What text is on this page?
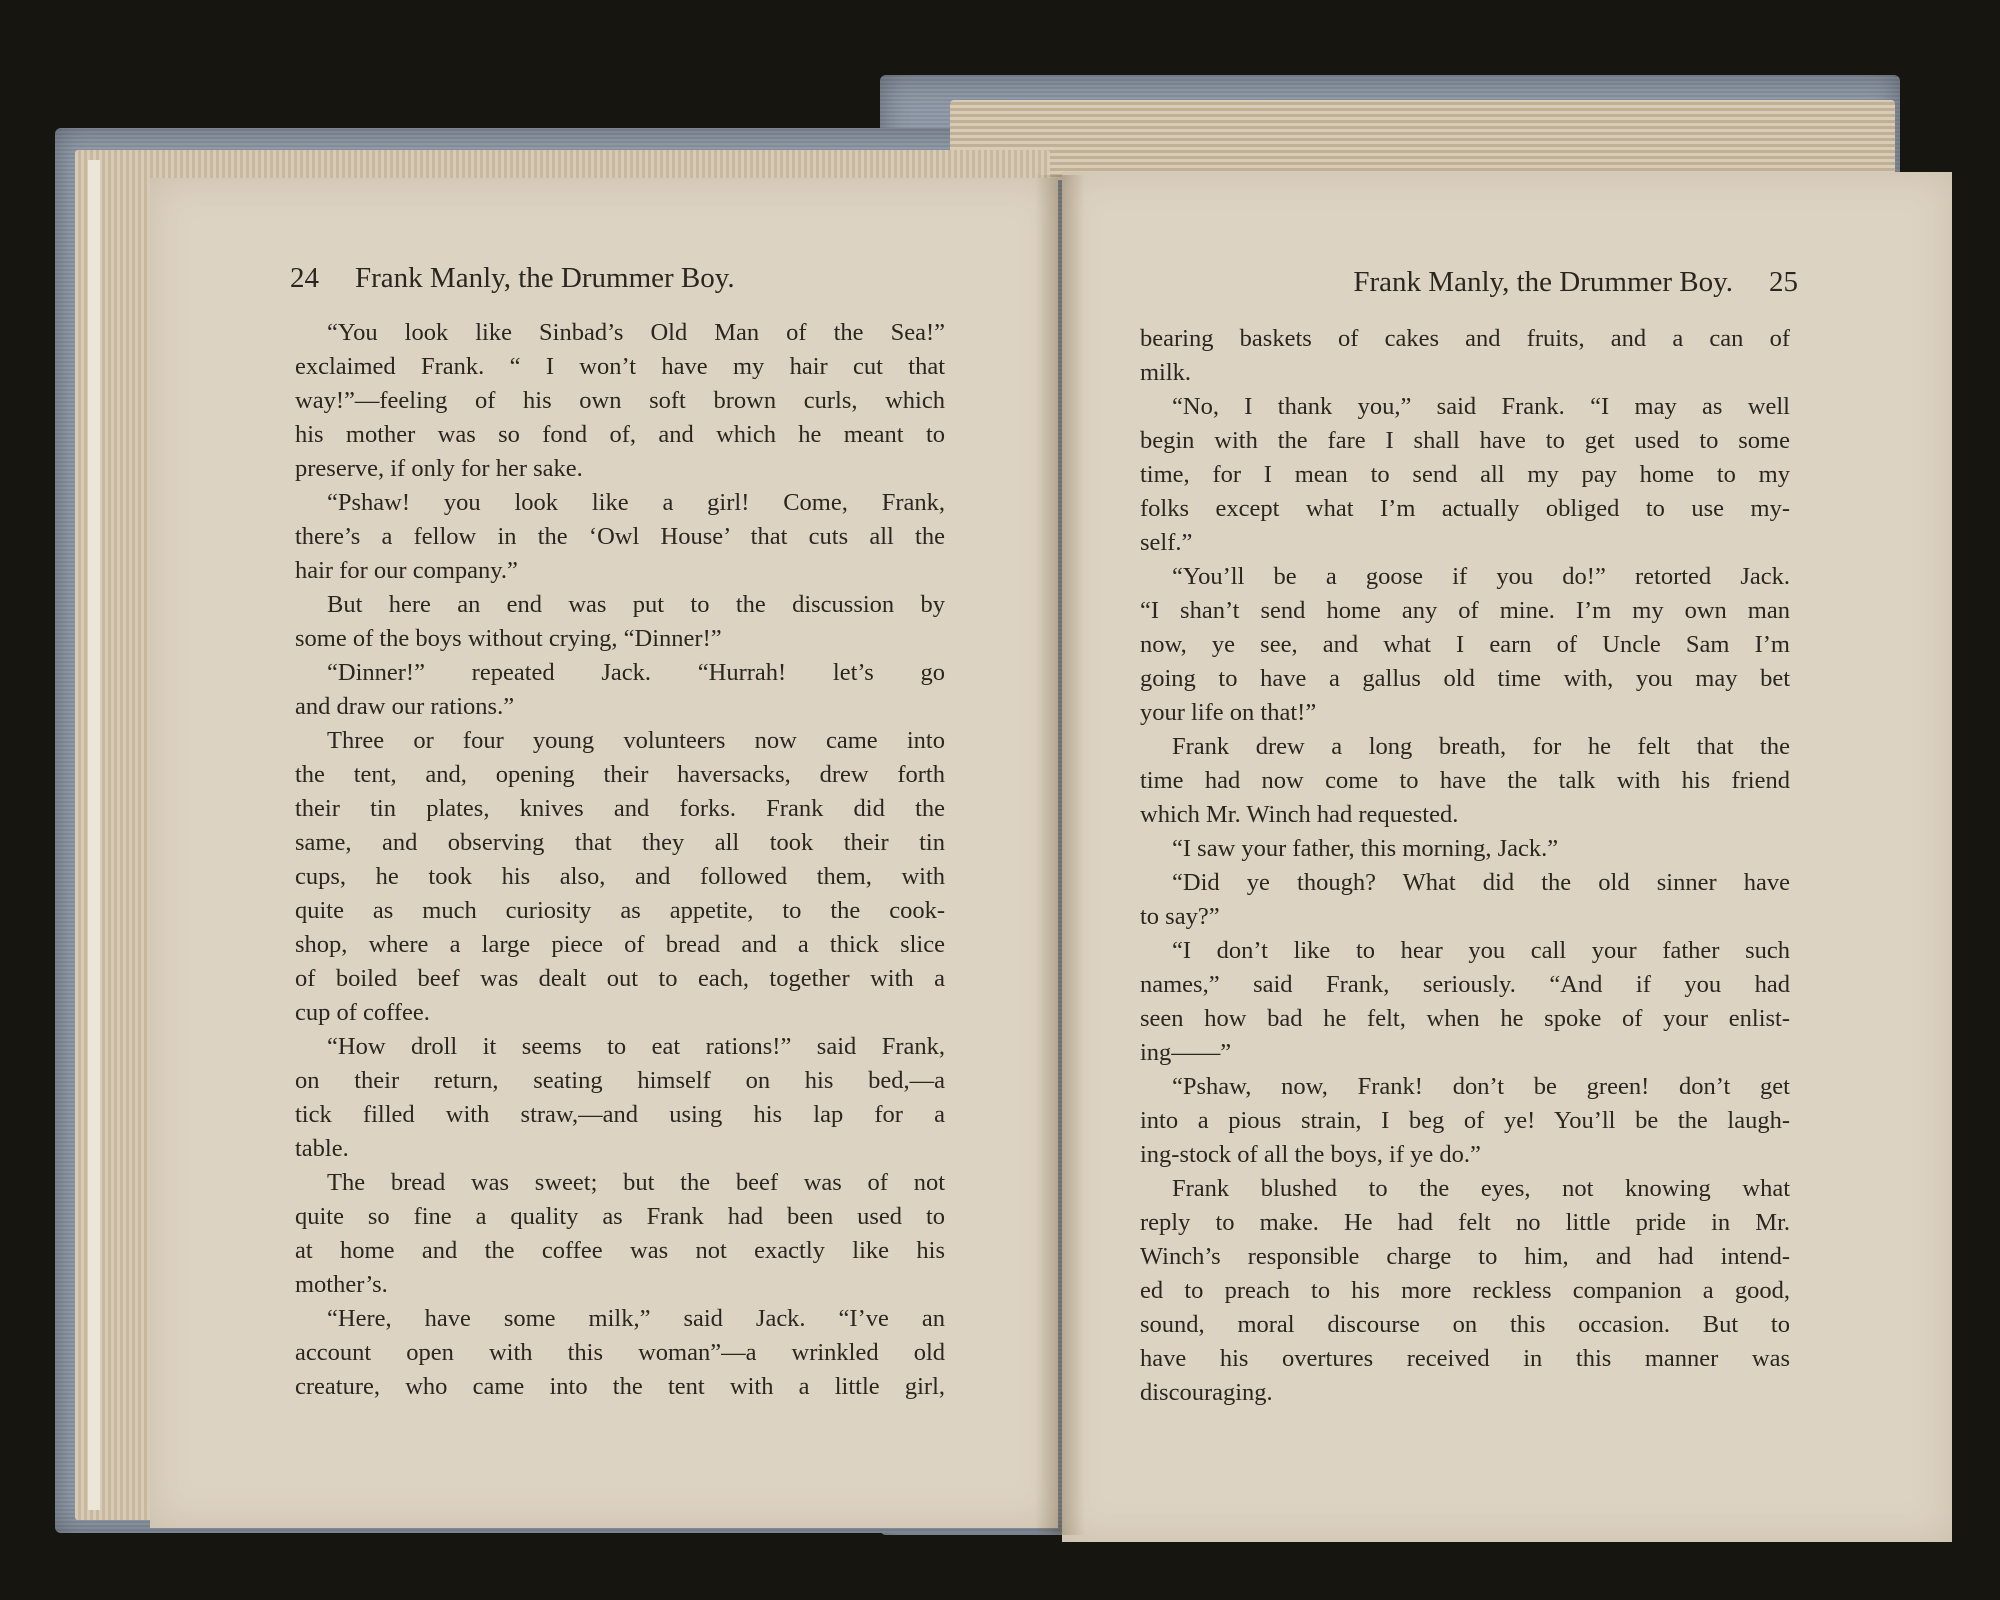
24 Frank Manly, the Drummer Boy.	Frank Manly, the Drummer Boy. 25
“You look like Sinbad’s Old Man of the Sea!”
exclaimed Frank. “ I won’t have my hair cut that
way!”—feeling of his own soft brown curls, which
his mother was so fond of, and which he meant to
preserve, if only for her sake.
“Pshaw! you look like a girl! Come, Frank,
there’s a fellow in the ‘Owl House’ that cuts all the
hair for our company.”
But here an end was put to the discussion by
some of the boys without crying, “Dinner!”
“Dinner!” repeated Jack. “Hurrah! let’s go
and draw our rations.”
Three or four young volunteers now came into
the tent, and, opening their haversacks, drew forth
their tin plates, knives and forks. Frank did the
same, and observing that they all took their tin
cups, he took his also, and followed them, with
quite as much curiosity as appetite, to the cook-
shop, where a large piece of bread and a thick slice
of boiled beef was dealt out to each, together with a
cup of coffee.
“How droll it seems to eat rations!” said Frank,
on their return, seating himself on his bed,—a
tick filled with straw,—and using his lap for a
table.
The bread was sweet; but the beef was of not
quite so fine a quality as Frank had been used to
at home and the coffee was not exactly like his
mother’s.
“Here, have some milk,” said Jack. “I’ve an
account open with this woman”—a wrinkled old
creature, who came into the tent with a little girl,
bearing baskets of cakes and fruits, and a can of
milk.
“No, I thank you,” said Frank. “I may as well
begin with the fare I shall have to get used to some
time, for I mean to send all my pay home to my
folks except what I’m actually obliged to use my-
self.”
“You’ll be a goose if you do!” retorted Jack.
“I shan’t send home any of mine. I’m my own man
now, ye see, and what I earn of Uncle Sam I’m
going to have a gallus old time with, you may bet
your life on that!”
Frank drew a long breath, for he felt that the
time had now come to have the talk with his friend
which Mr. Winch had requested.
“I saw your father, this morning, Jack.”
“Did ye though? What did the old sinner have
to say?”
“I don’t like to hear you call your father such
names,” said Frank, seriously. “And if you had
seen how bad he felt, when he spoke of your enlist-
ing——”
“Pshaw, now, Frank! don’t be green! don’t get
into a pious strain, I beg of ye! You’ll be the laugh-
ing-stock of all the boys, if ye do.”
Frank blushed to the eyes, not knowing what
reply to make. He had felt no little pride in Mr.
Winch’s responsible charge to him, and had intend-
ed to preach to his more reckless companion a good,
sound, moral discourse on this occasion. But to
have his overtures received in this manner was
discouraging.
